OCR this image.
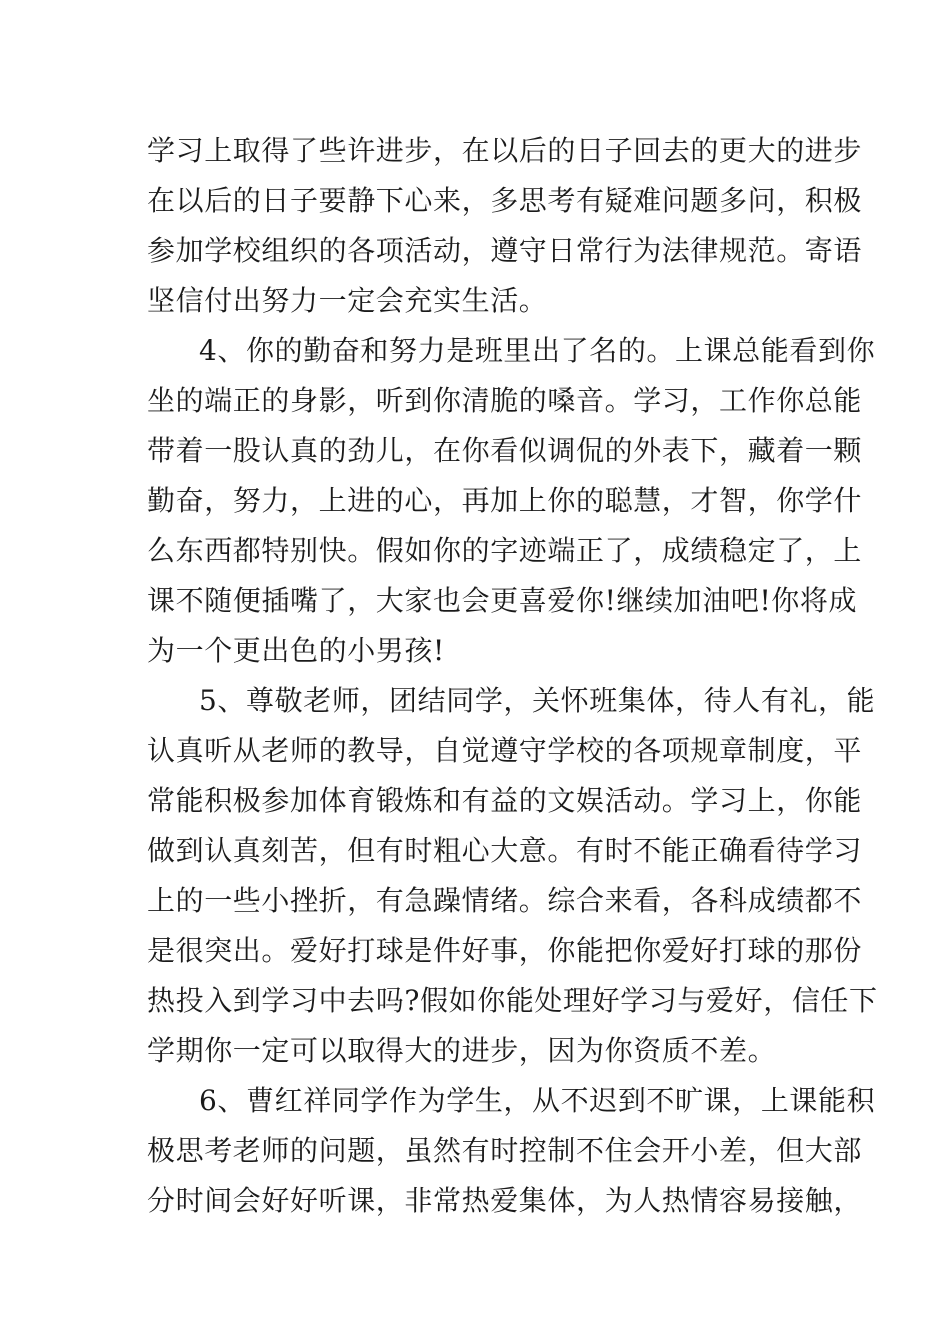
学习上取得了些许进步，在以后的日子回去的更大的进步
在以后的日子要静下心来，多思考有疑难问题多问，积极
参加学校组织的各项活动，遵守日常行为法律规范。寄语
坚信付出努力一定会充实生活。
4、你的勤奋和努力是班里出了名的。上课总能看到你
坐的端正的身影，听到你清脆的嗓音。学习，工作你总能
带着一股认真的劲儿，在你看似调侃的外表下，藏着一颗
勤奋，努力，上进的心，再加上你的聪慧，才智，你学什
么东西都特别快。假如你的字迹端正了，成绩稳定了，上
课不随便插嘴了，大家也会更喜爱你!继续加油吧!你将成
为一个更出色的小男孩!
5、尊敬老师，团结同学，关怀班集体，待人有礼，能
认真听从老师的教导，自觉遵守学校的各项规章制度，平
常能积极参加体育锻炼和有益的文娱活动。学习上，你能
做到认真刻苦，但有时粗心大意。有时不能正确看待学习
上的一些小挫折，有急躁情绪。综合来看，各科成绩都不
是很突出。爱好打球是件好事，你能把你爱好打球的那份
热投入到学习中去吗?假如你能处理好学习与爱好，信任下
学期你一定可以取得大的进步，因为你资质不差。
6、曹红祥同学作为学生，从不迟到不旷课，上课能积
极思考老师的问题，虽然有时控制不住会开小差，但大部
分时间会好好听课，非常热爱集体，为人热情容易接触，
